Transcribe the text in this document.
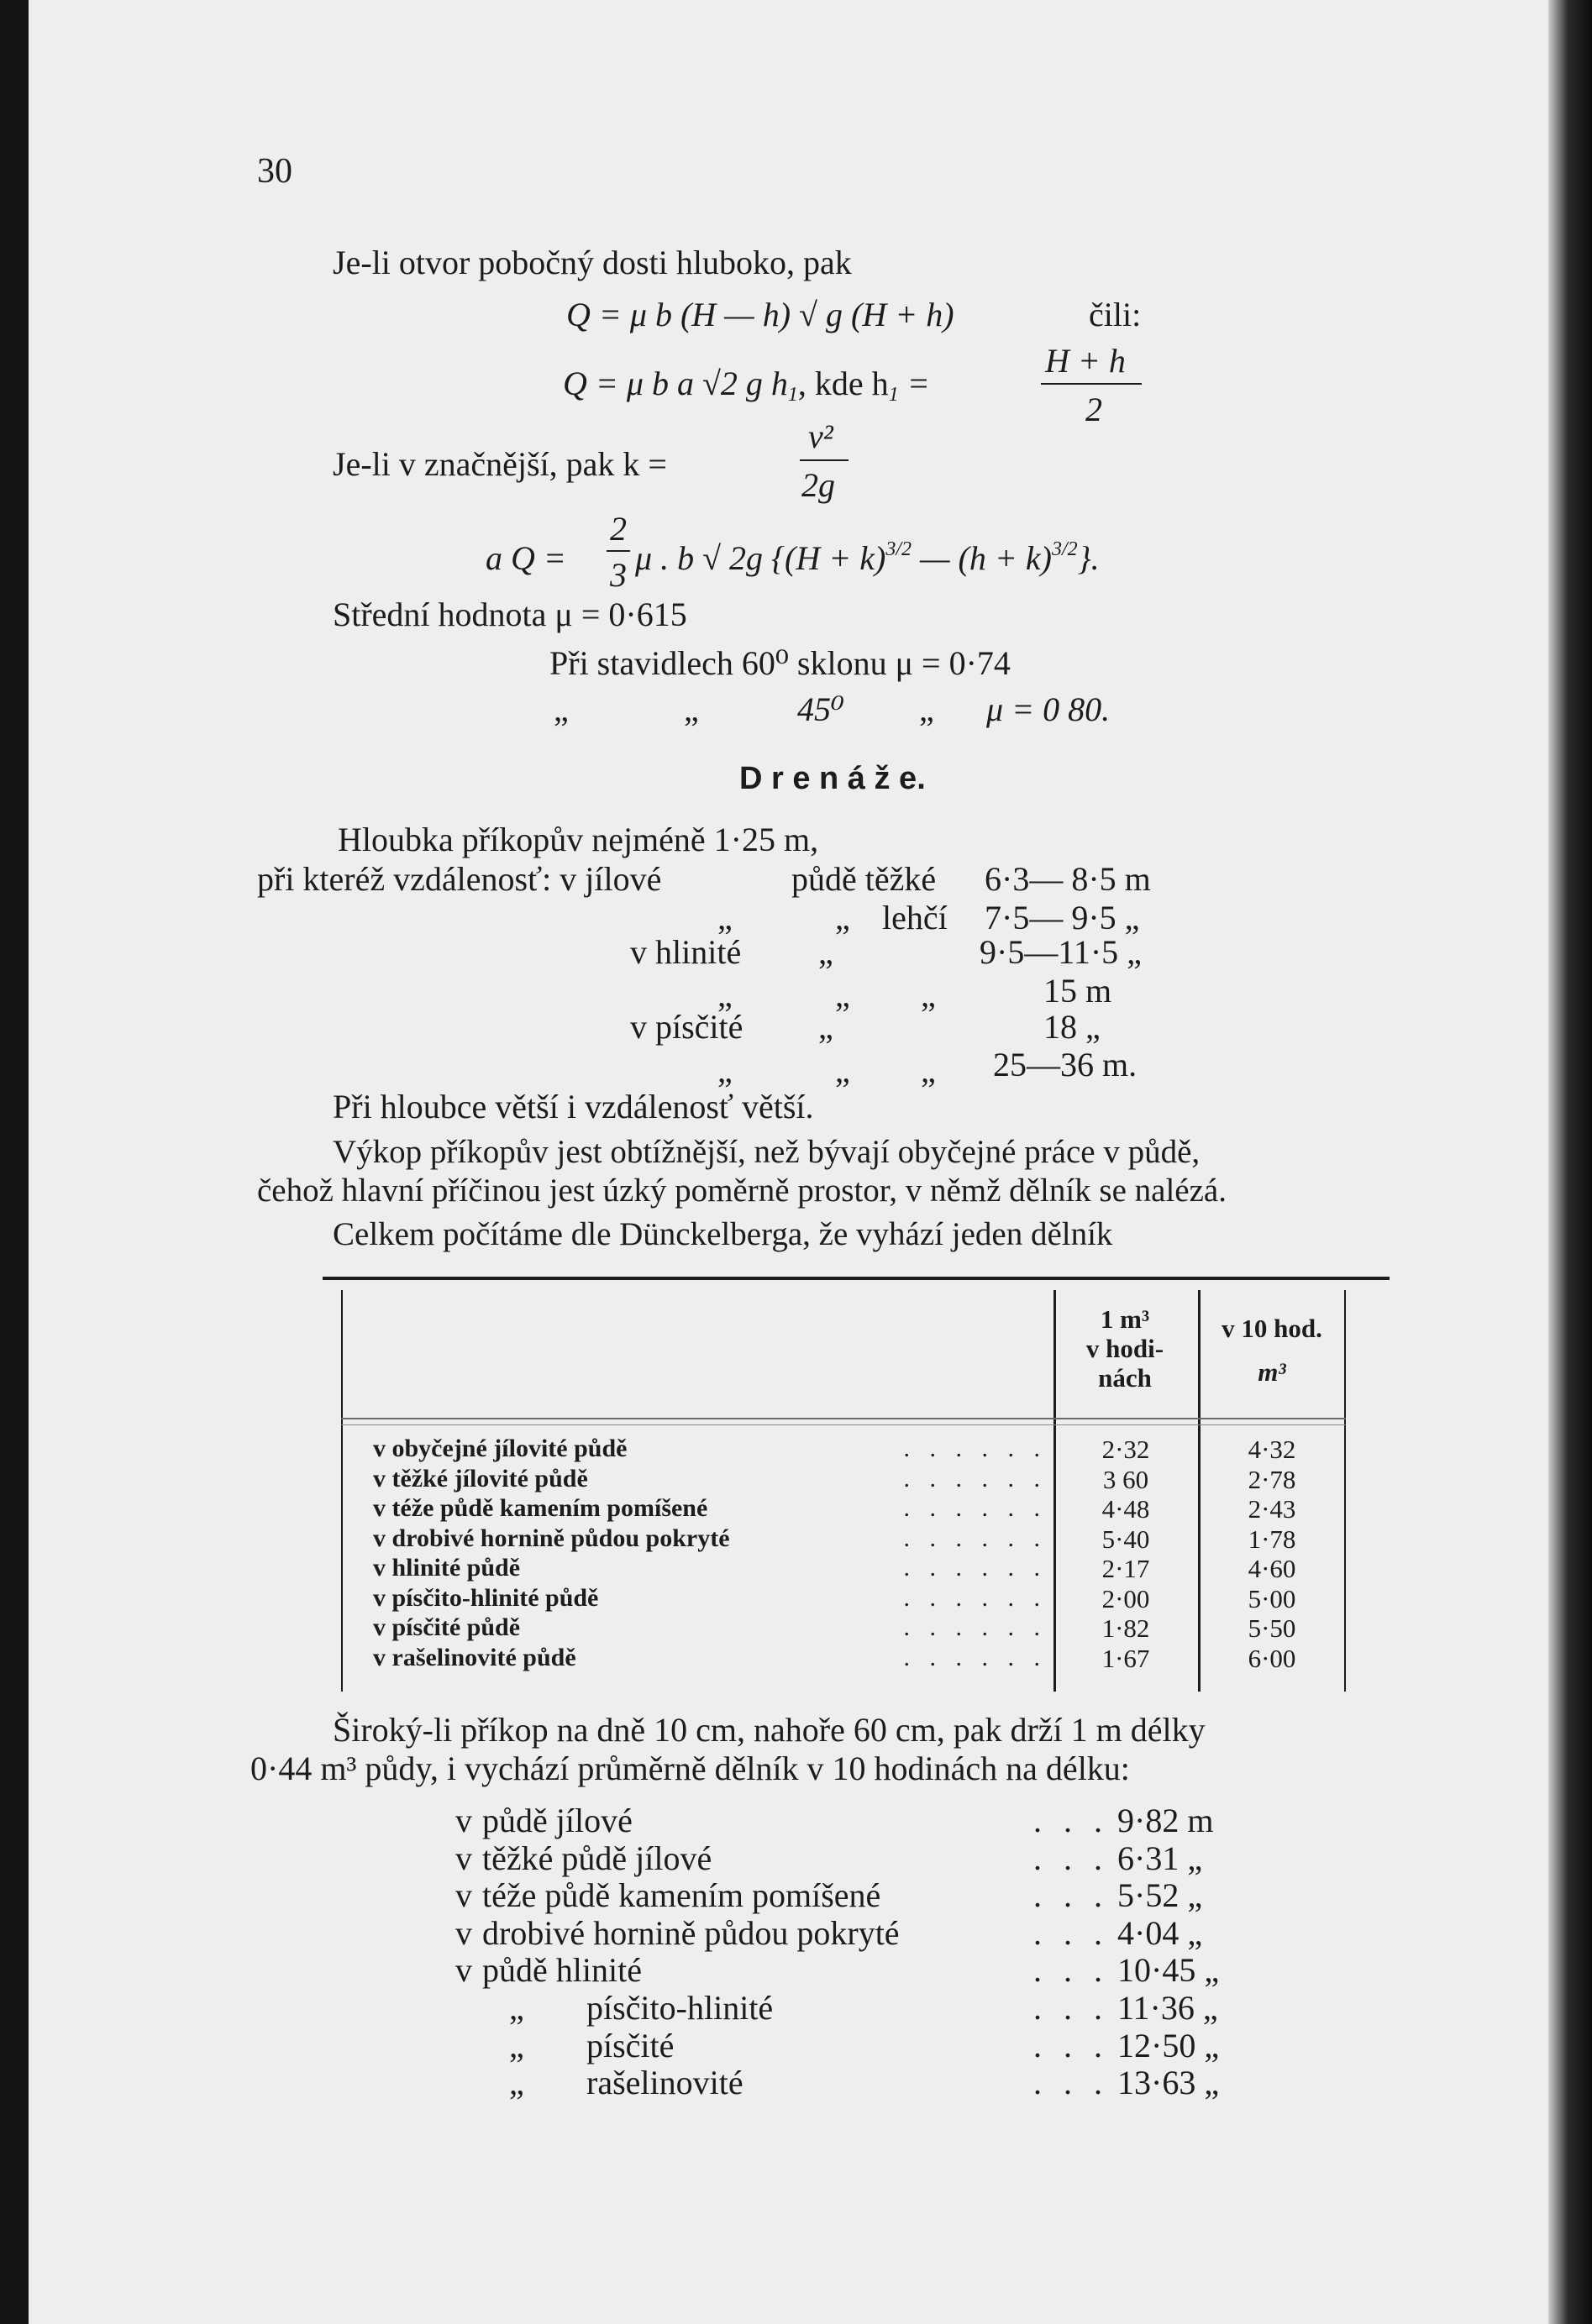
30
Je-li otvor pobočný dosti hluboko, pak
Q = μ b (H — h) √ g (H + h)	čili:
Q = μ b a √2 g $h_1$, kde $h_1$ =
H + h
2
Je-li v značnější, pak k =
v²
2g
a Q =
2
3 μ . b √ 2g {$(H + k)^{3/2}$ — $(h + k)^{3/2}$}.
Střední hodnota μ = 0·615
Při stavidlech 60⁰ sklonu μ = 0·74
„	„	45⁰ „ μ = 0 80.
D r e n á ž e.
Hloubka příkopův nejméně 1·25 m,
při kteréž vzdálenosť: v jílové	půdě těžké 6·3— 8·5 m
„	„ lehčí 7·5— 9·5 „
v hlinité „	9·5—11·5 „
„	„ „	15 m
v písčité „	18 „
„	„ „ 25—36 m.
Při hloubce větší i vzdálenosť větší.
Výkop příkopův jest obtížnější, než bývají obyčejné práce v půdě,
čehož hlavní příčinou jest úzký poměrně prostor, v němž dělník se nalézá.
Celkem počítáme dle Dünckelberga, že vyhází jeden dělník
1 m³
v hodi-
nách
v 10 hod.
m³
v obyčejné jílovité půdě	. . . . . .	2·32	4·32
v těžké jílovité půdě	. . . . . .	3 60	2·78
v téže půdě kamením pomíšené	. . . . . .	4·48	2·43
v drobivé hornině půdou pokryté	. . . . . .	5·40	1·78
v hlinité půdě	. . . . . .	2·17	4·60
v písčito-hlinité půdě	. . . . . .	2·00	5·00
v písčité půdě	. . . . . .	1·82	5·50
v rašelinovité půdě	. . . . . .	1·67	6·00
Široký-li příkop na dně 10 cm, nahoře 60 cm, pak drží 1 m délky
0·44 m³ půdy, i vychází průměrně dělník v 10 hodinách na délku:
v půdě jílové	. . . 9·82 m
v těžké půdě jílové	. . . 6·31 „
v téže půdě kamením pomíšené	. . . 5·52 „
v drobivé hornině půdou pokryté	. . . 4·04 „
v půdě hlinité	. . . 10·45 „
„ písčito-hlinité	. . . 11·36 „
„ písčité	. . . 12·50 „
„ rašelinovité	. . . 13·63 „
